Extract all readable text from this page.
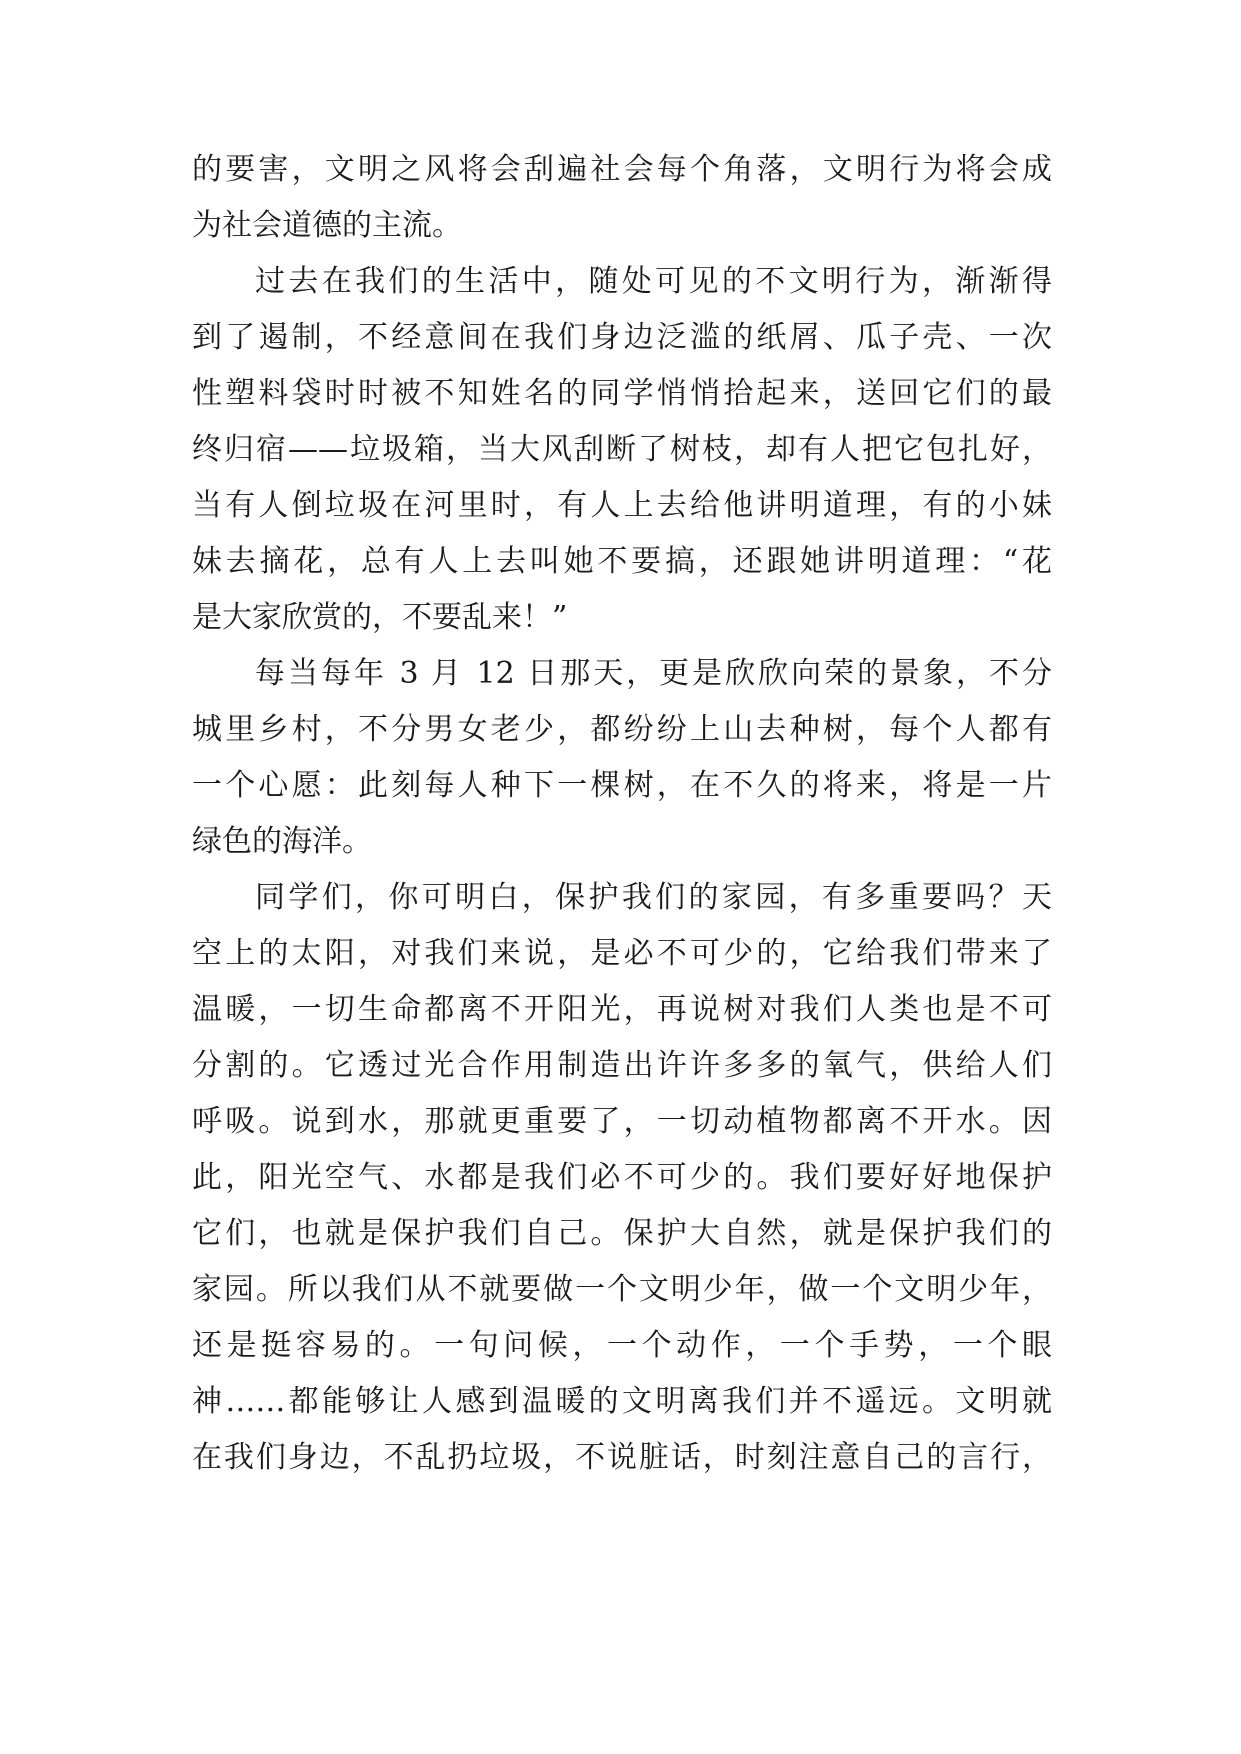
的要害，文明之风将会刮遍社会每个角落，文明行为将会成
为社会道德的主流。
过去在我们的生活中，随处可见的不文明行为，渐渐得
到了遏制，不经意间在我们身边泛滥的纸屑、瓜子壳、一次
性塑料袋时时被不知姓名的同学悄悄拾起来，送回它们的最
终归宿——垃圾箱，当大风刮断了树枝，却有人把它包扎好，
当有人倒垃圾在河里时，有人上去给他讲明道理，有的小妹
妹去摘花，总有人上去叫她不要搞，还跟她讲明道理：“花
是大家欣赏的，不要乱来！”
每当每年 3 月 12 日那天，更是欣欣向荣的景象，不分
城里乡村，不分男女老少，都纷纷上山去种树，每个人都有
一个心愿：此刻每人种下一棵树，在不久的将来，将是一片
绿色的海洋。
同学们，你可明白，保护我们的家园，有多重要吗？天
空上的太阳，对我们来说，是必不可少的，它给我们带来了
温暖，一切生命都离不开阳光，再说树对我们人类也是不可
分割的。它透过光合作用制造出许许多多的氧气，供给人们
呼吸。说到水，那就更重要了，一切动植物都离不开水。因
此，阳光空气、水都是我们必不可少的。我们要好好地保护
它们，也就是保护我们自己。保护大自然，就是保护我们的
家园。所以我们从不就要做一个文明少年，做一个文明少年，
还是挺容易的。一句问候，一个动作，一个手势，一个眼
神……都能够让人感到温暖的文明离我们并不遥远。文明就
在我们身边，不乱扔垃圾，不说脏话，时刻注意自己的言行，
